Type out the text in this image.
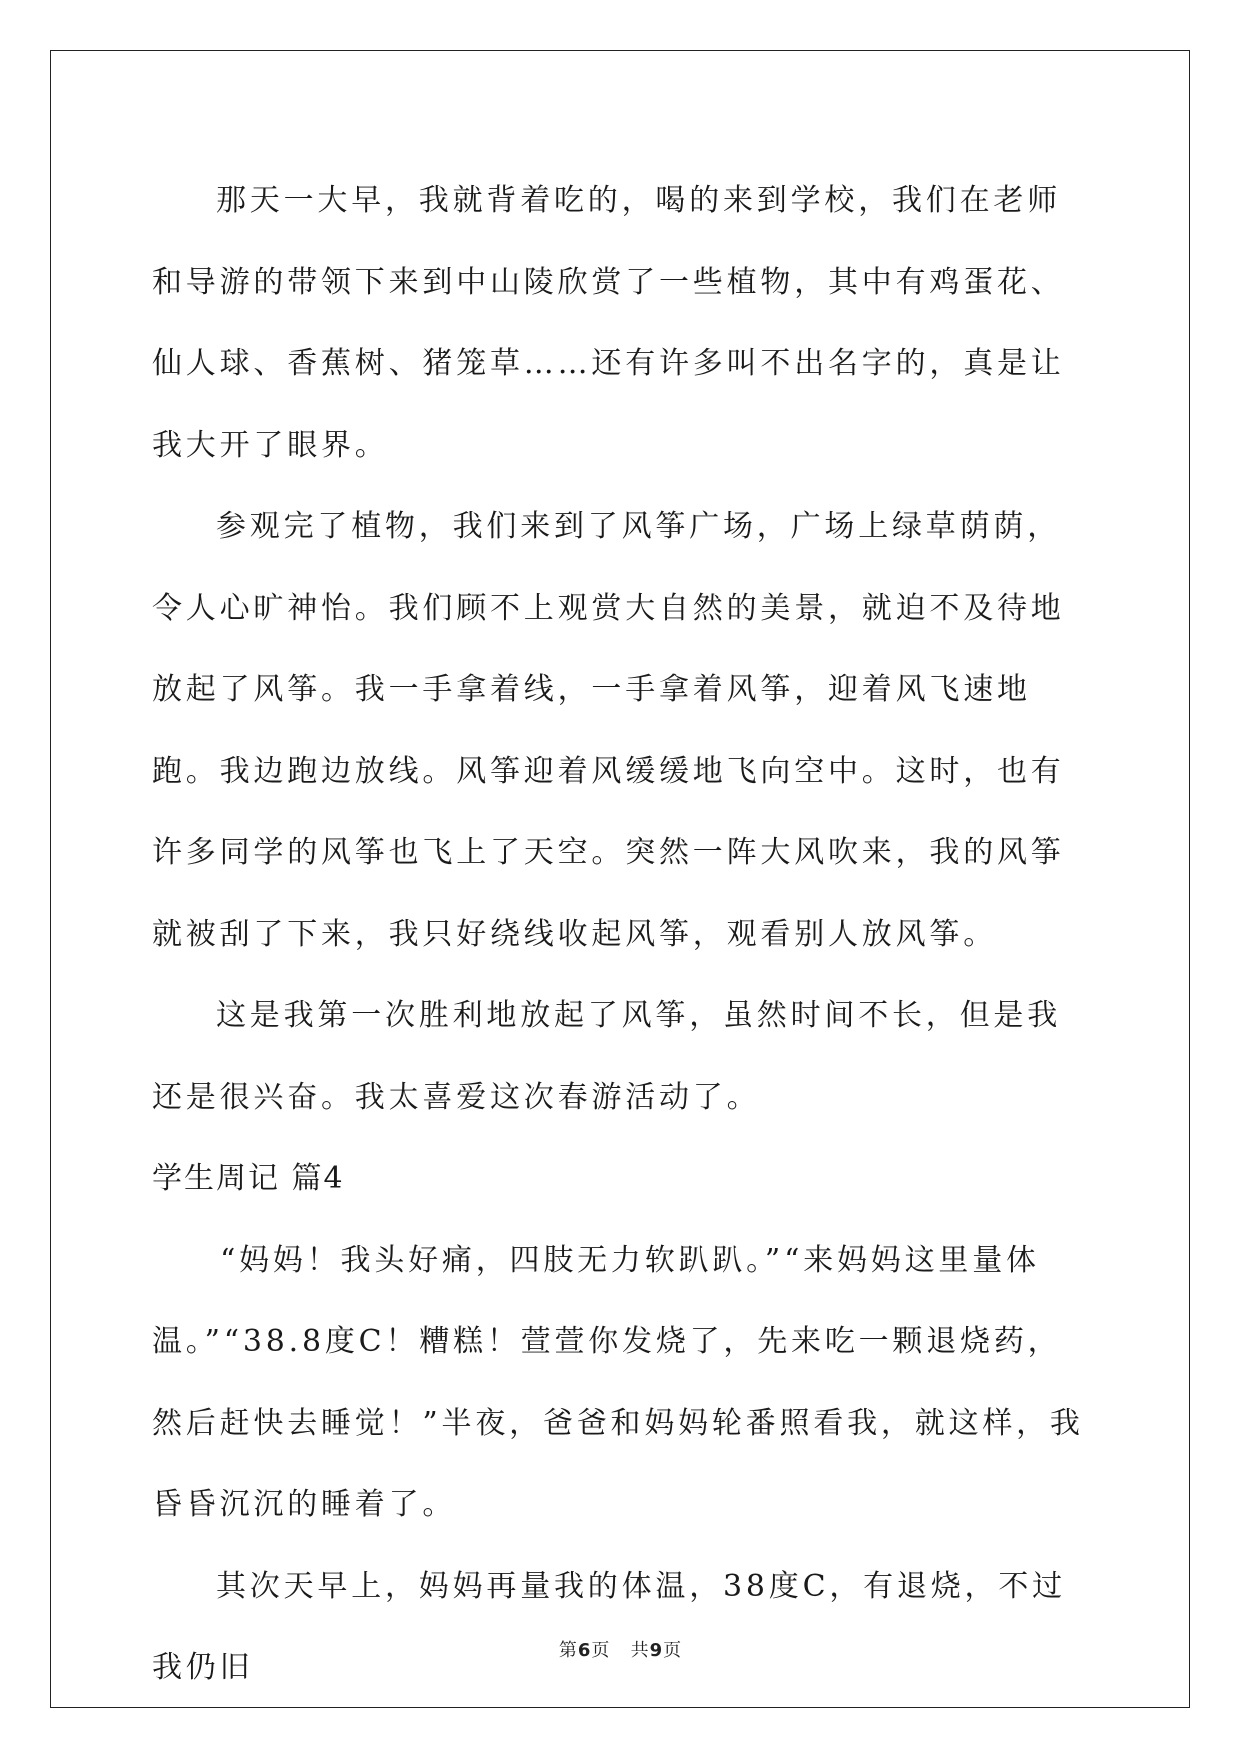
那天一大早，我就背着吃的，喝的来到学校，我们在老师和导游的带领下来到中山陵欣赏了一些植物，其中有鸡蛋花、仙人球、香蕉树、猪笼草……还有许多叫不出名字的，真是让我大开了眼界。

参观完了植物，我们来到了风筝广场，广场上绿草荫荫，令人心旷神怡。我们顾不上观赏大自然的美景，就迫不及待地放起了风筝。我一手拿着线，一手拿着风筝，迎着风飞速地跑。我边跑边放线。风筝迎着风缓缓地飞向空中。这时，也有许多同学的风筝也飞上了天空。突然一阵大风吹来，我的风筝就被刮了下来，我只好绕线收起风筝，观看别人放风筝。

这是我第一次胜利地放起了风筝，虽然时间不长，但是我还是很兴奋。我太喜爱这次春游活动了。

学生周记 篇4

“妈妈！我头好痛，四肢无力软趴趴。”“来妈妈这里量体温。”“38.8度C！糟糕！萱萱你发烧了，先来吃一颗退烧药，然后赶快去睡觉！”半夜，爸爸和妈妈轮番照看我，就这样，我昏昏沉沉的睡着了。

其次天早上，妈妈再量我的体温，38度C，有退烧，不过我仍旧	第6页 共9页
